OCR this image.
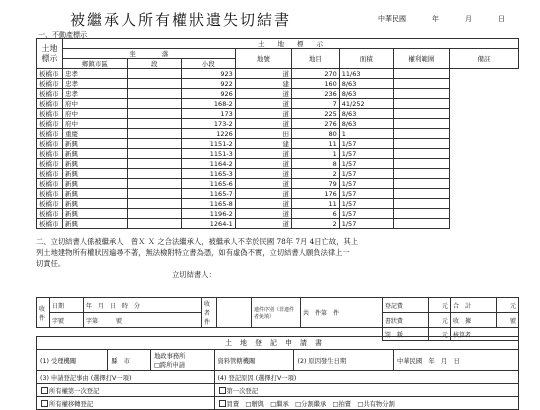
被繼承人所有權狀遺失切結書	中華民國	年	月	日
一、不動產標示
土地標示	土　　地　　標　　示							
	坐　　　　落			地號	地目	面積	權利範圍	備註
	鄉鎮市區	段	小段					
板橋市	忠孝		923	道	270	11/63		
板橋市	忠孝		922	建	160	8/63		
板橋市	忠孝		926	道	236	8/63		
板橋市	府中		168-2	道	7	41/252		
板橋市	府中		173	道	225	8/63		
板橋市	府中		173-2	道	276	8/63		
板橋市	重慶		1226	田	80	1		
板橋市	新興		1151-2	建	11	1/57		
板橋市	新興		1151-3	道	1	1/57		
板橋市	新興		1164-2	道	8	1/57		
板橋市	新興		1165-3	道	2	1/57		
板橋市	新興		1165-6	道	79	1/57		
板橋市	新興		1165-7	道	176	1/57		
板橋市	新興		1165-8	道	11	1/57		
板橋市	新興		1196-2	道	6	1/57		
板橋市	新興		1264-1	道	2	1/57		
二、立切結書人係被繼承人　曾Ｘ Ｘ 之合法繼承人，被繼承人不幸於民國 78年 7月 4日亡故，其上
列土地建物所有權狀因遍尋不著，無法檢附特立書為憑，如有虛偽不實，立切結書人願負法律上一
切責任。
立切結書人：
收件	日期	年　月　日　時　分	收者件		連件序別（非連件者免填）	共　件第　件	登記費	元	合　計	元
	字號	字第　　　號					書狀費	元	收　據	號
							罰　鍰	元	核算者	
土地登記申請書					
(1) 受理機關	縣　市	地政事務所
□跨所申請	資料管轄機關	(2) 原因發生日期	中華民國　年　月　日
(3) 申請登記事由 (選擇打V一項)			(4) 登記原因 (選擇打V一項)		
所有權第一次登記			第一次登記		
所有權移轉登記			買賣　□贈與　□繼承　□分割繼承　□拍賣　□共有物分割		
